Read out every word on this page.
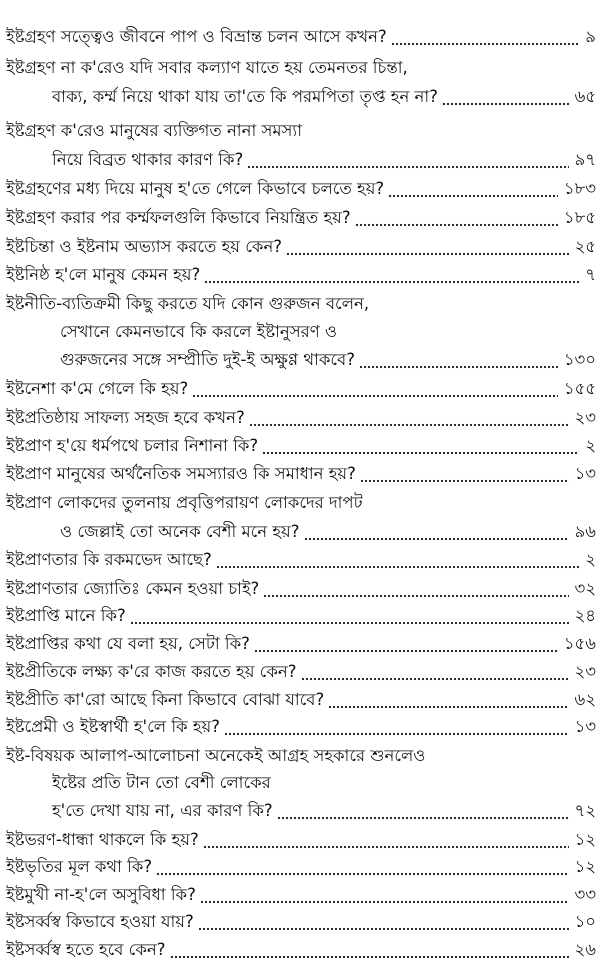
ইষ্টগ্রহণ সত্ত্বেও জীবনে পাপ ও বিভ্রান্ত চলন আসে কখন?	৯
ইষ্টগ্রহণ না ক'রেও যদি সবার কল্যাণ যাতে হয় তেমনতর চিন্তা,
বাক্য, কর্ম্ম নিয়ে থাকা যায় তা'তে কি পরমপিতা তৃপ্ত হন না?	৬৫
ইষ্টগ্রহণ ক'রেও মানুষের ব্যক্তিগত নানা সমস্যা
নিয়ে বিব্রত থাকার কারণ কি?	৯৭
ইষ্টগ্রহণের মধ্য দিয়ে মানুষ হ'তে গেলে কিভাবে চলতে হয়?	১৮৩
ইষ্টগ্রহণ করার পর কর্ম্মফলগুলি কিভাবে নিয়ন্ত্রিত হয়?	১৮৫
ইষ্টচিন্তা ও ইষ্টনাম অভ্যাস করতে হয় কেন?	২৫
ইষ্টনিষ্ঠ হ'লে মানুষ কেমন হয়?	৭
ইষ্টনীতি-ব্যতিক্রমী কিছু করতে যদি কোন গুরুজন বলেন,
সেখানে কেমনভাবে কি করলে ইষ্টানুসরণ ও
গুরুজনের সঙ্গে সম্প্রীতি দুই-ই অক্ষুণ্ণ থাকবে?	১৩০
ইষ্টনেশা ক'মে গেলে কি হয়?	১৫৫
ইষ্টপ্রতিষ্ঠায় সাফল্য সহজ হবে কখন?	২৩
ইষ্টপ্রাণ হ'য়ে ধর্মপথে চলার নিশানা কি?	২
ইষ্টপ্রাণ মানুষের অর্থনৈতিক সমস্যারও কি সমাধান হয়?	১৩
ইষ্টপ্রাণ লোকদের তুলনায় প্রবৃত্তিপরায়ণ লোকদের দাপট
ও জেল্লাই তো অনেক বেশী মনে হয়?	৯৬
ইষ্টপ্রাণতার কি রকমভেদ আছে?	২
ইষ্টপ্রাণতার জ্যোতিঃ কেমন হওয়া চাই?	৩২
ইষ্টপ্রাপ্তি মানে কি?	২৪
ইষ্টপ্রাপ্তির কথা যে বলা হয়, সেটা কি?	১৫৬
ইষ্টপ্রীতিকে লক্ষ্য ক'রে কাজ করতে হয় কেন?	২৩
ইষ্টপ্রীতি কা'রো আছে কিনা কিভাবে বোঝা যাবে?	৬২
ইষ্টপ্রেমী ও ইষ্টস্বার্থী হ'লে কি হয়?	১৩
ইষ্ট-বিষয়ক আলাপ-আলোচনা অনেকেই আগ্রহ সহকারে শুনলেও
ইষ্টের প্রতি টান তো বেশী লোকের
হ'তে দেখা যায় না, এর কারণ কি?	৭২
ইষ্টভরণ-ধান্ধা থাকলে কি হয়?	১২
ইষ্টভৃতির মূল কথা কি?	১২
ইষ্টমুখী না-হ'লে অসুবিধা কি?	৩৩
ইষ্টসর্ব্বস্ব কিভাবে হওয়া যায়?	১০
ইষ্টসর্ব্বস্ব হতে হবে কেন?	২৬
